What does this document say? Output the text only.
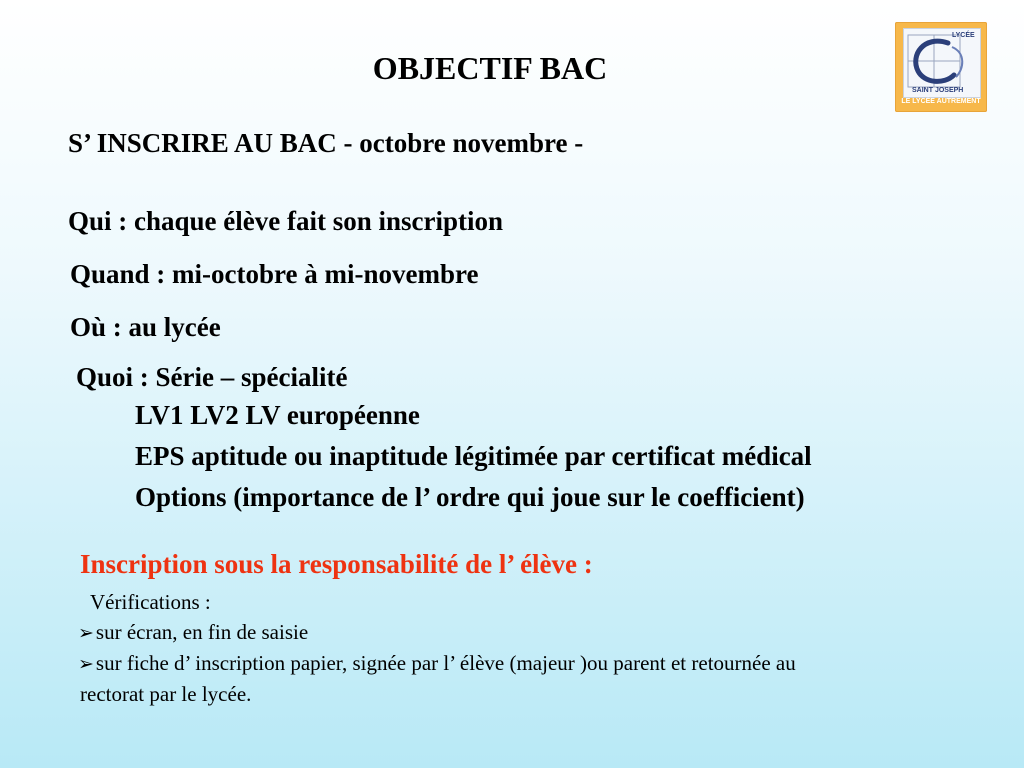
LYCÉE
SAINT JOSEPH
LE LYCÉE AUTREMENT
OBJECTIF BAC
S’ INSCRIRE AU BAC - octobre novembre -
Qui : chaque élève fait son inscription
Quand : mi-octobre à mi-novembre
Où : au lycée
Quoi : Série – spécialité
LV1 LV2 LV européenne
EPS aptitude ou inaptitude légitimée par certificat médical
Options (importance de l’ ordre qui joue sur le coefficient)
Inscription sous la responsabilité de l’ élève :
Vérifications :
➢sur écran, en fin de saisie
➢sur fiche d’ inscription papier, signée par l’ élève (majeur )ou parent et retournée au
rectorat par le lycée.
